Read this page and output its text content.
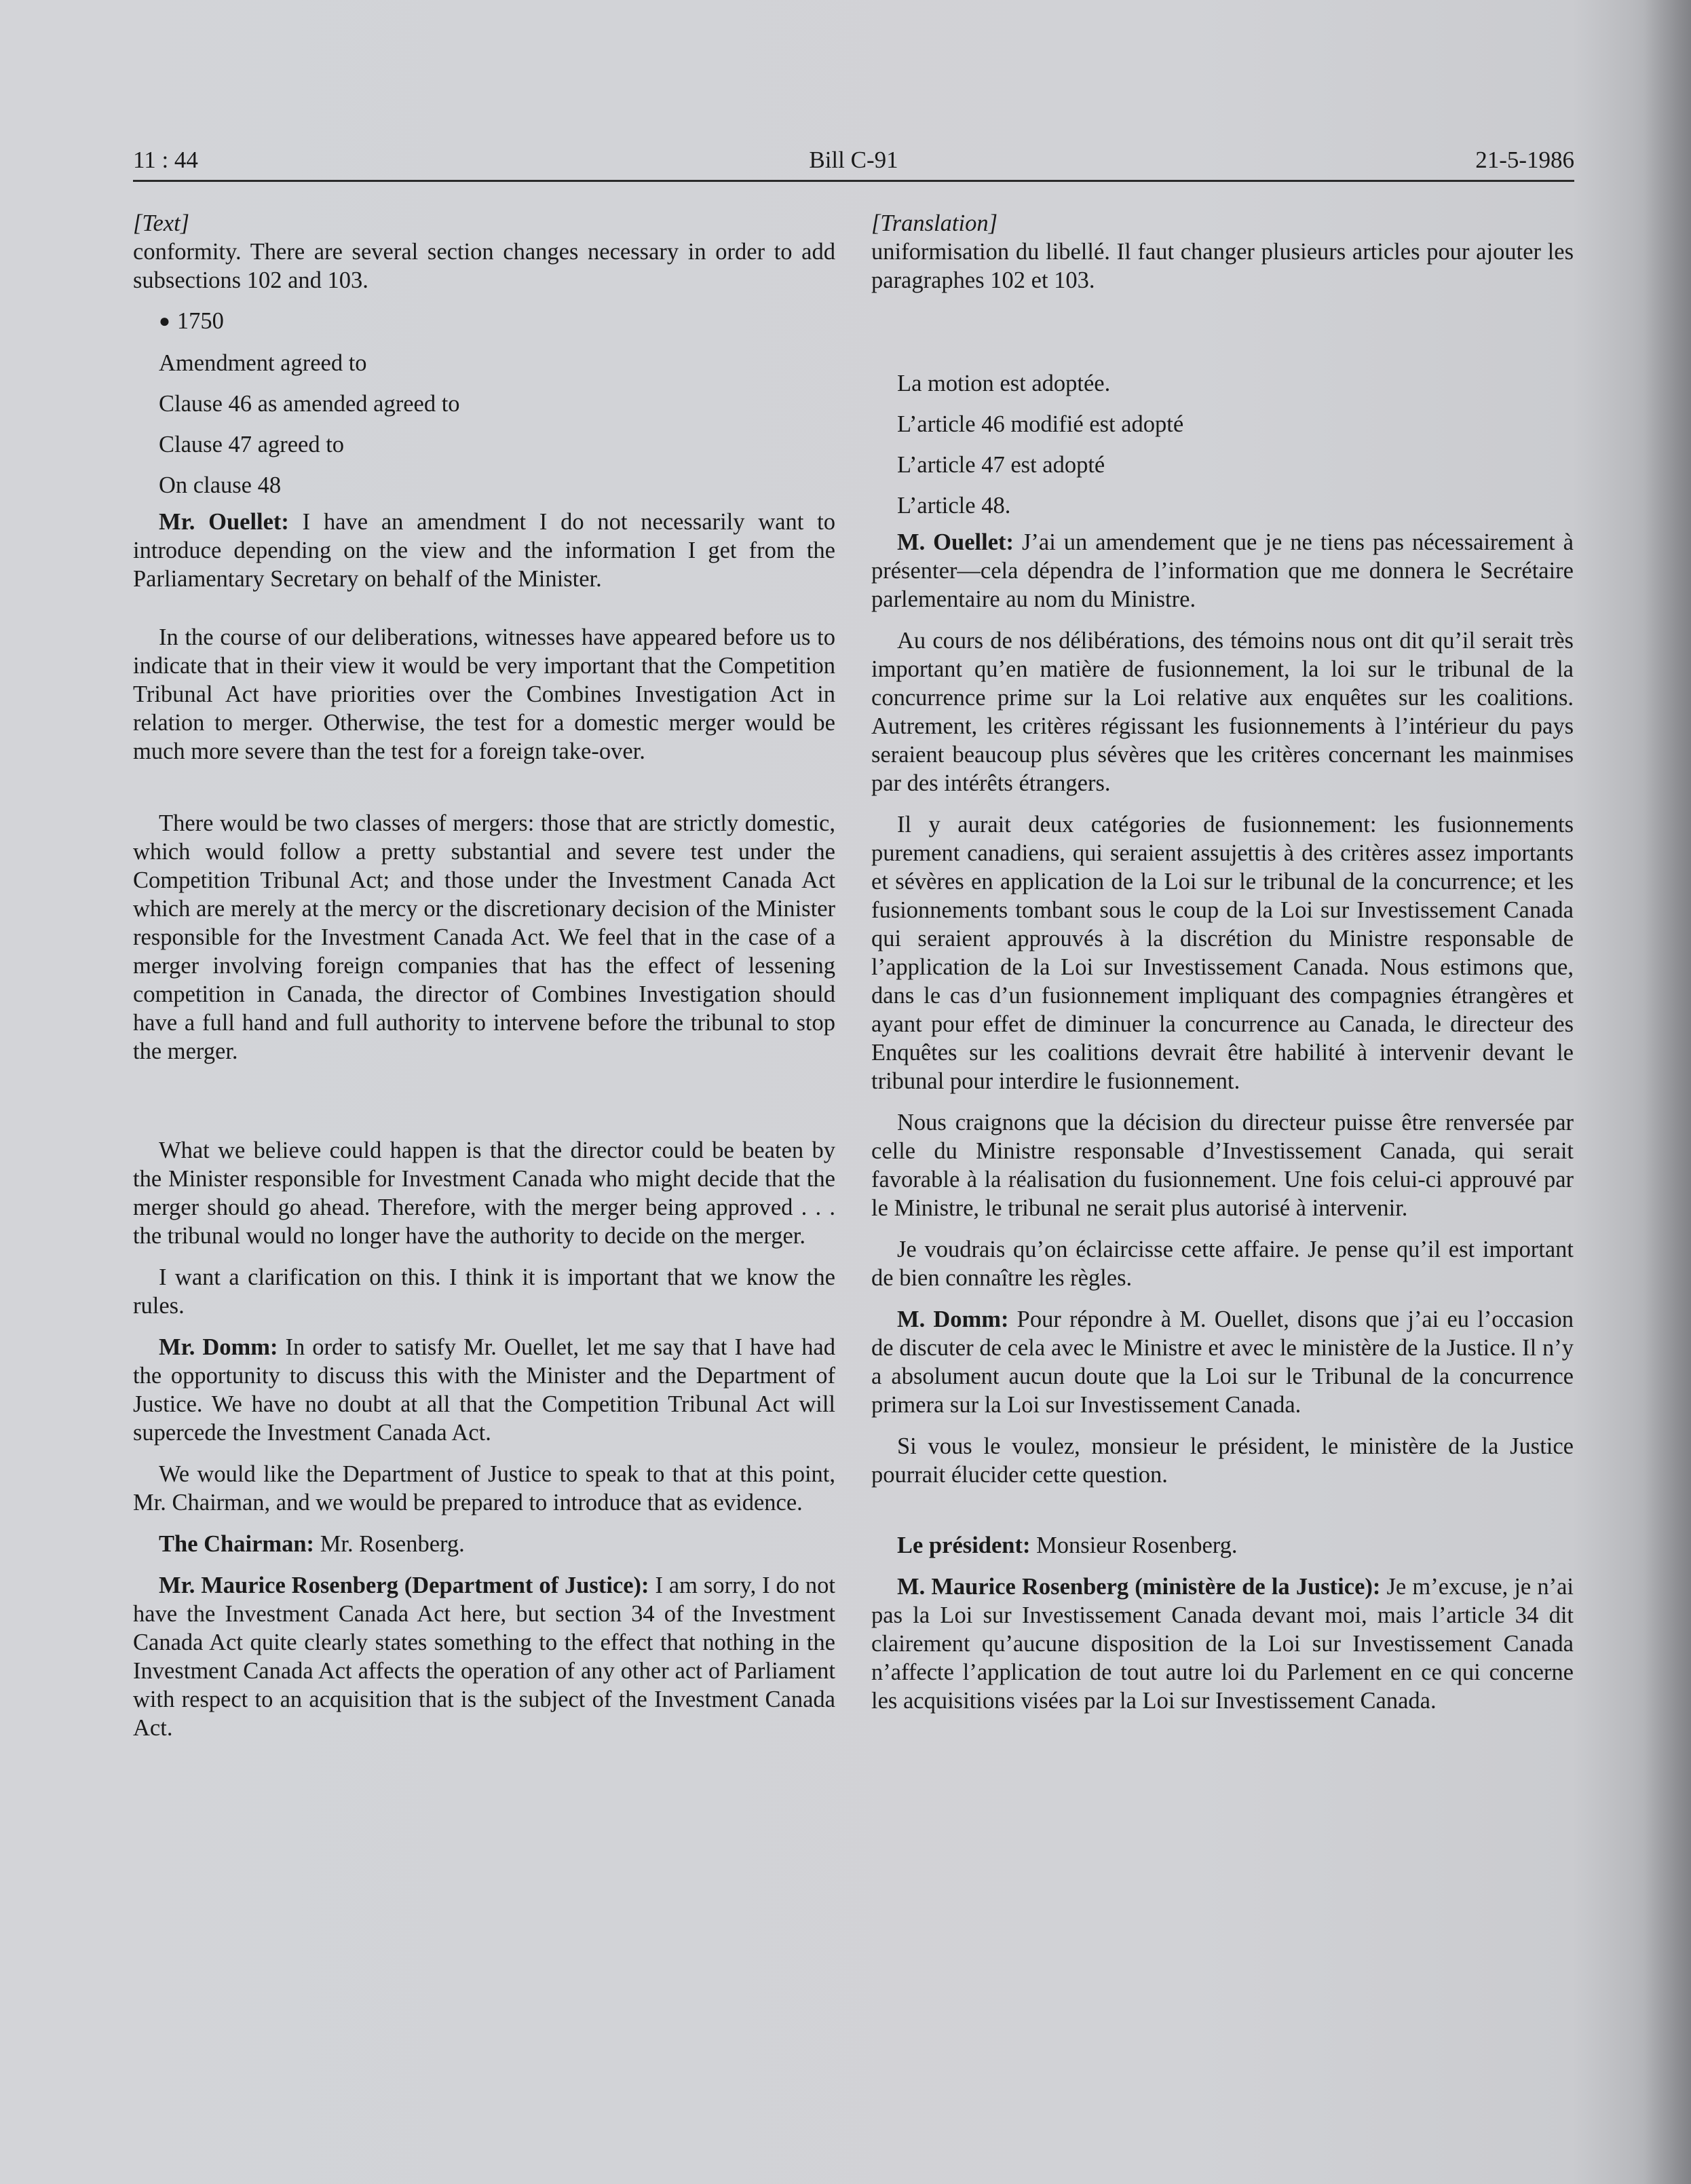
11 : 44	Bill C-91	21-5-1986

[Text]

conformity. There are several section changes necessary in order to add subsections 102 and 103.

● 1750

Amendment agreed to
Clause 46 as amended agreed to
Clause 47 agreed to
On clause 48

Mr. Ouellet: I have an amendment I do not necessarily want to introduce depending on the view and the information I get from the Parliamentary Secretary on behalf of the Minister.

In the course of our deliberations, witnesses have appeared before us to indicate that in their view it would be very important that the Competition Tribunal Act have priorities over the Combines Investigation Act in relation to merger. Otherwise, the test for a domestic merger would be much more severe than the test for a foreign take-over.

There would be two classes of mergers: those that are strictly domestic, which would follow a pretty substantial and severe test under the Competition Tribunal Act; and those under the Investment Canada Act which are merely at the mercy or the discretionary decision of the Minister responsible for the Investment Canada Act. We feel that in the case of a merger involving foreign companies that has the effect of lessening competition in Canada, the director of Combines Investigation should have a full hand and full authority to intervene before the tribunal to stop the merger.

What we believe could happen is that the director could be beaten by the Minister responsible for Investment Canada who might decide that the merger should go ahead. Therefore, with the merger being approved . . . the tribunal would no longer have the authority to decide on the merger.

I want a clarification on this. I think it is important that we know the rules.

Mr. Domm: In order to satisfy Mr. Ouellet, let me say that I have had the opportunity to discuss this with the Minister and the Department of Justice. We have no doubt at all that the Competition Tribunal Act will supercede the Investment Canada Act.

We would like the Department of Justice to speak to that at this point, Mr. Chairman, and we would be prepared to introduce that as evidence.

The Chairman: Mr. Rosenberg.

Mr. Maurice Rosenberg (Department of Justice): I am sorry, I do not have the Investment Canada Act here, but section 34 of the Investment Canada Act quite clearly states something to the effect that nothing in the Investment Canada Act affects the operation of any other act of Parliament with respect to an acquisition that is the subject of the Investment Canada Act.

[Translation]

uniformisation du libellé. Il faut changer plusieurs articles pour ajouter les paragraphes 102 et 103.

La motion est adoptée.
L’article 46 modifié est adopté
L’article 47 est adopté
L’article 48.

M. Ouellet: J’ai un amendement que je ne tiens pas nécessairement à présenter—cela dépendra de l’information que me donnera le Secrétaire parlementaire au nom du Ministre.

Au cours de nos délibérations, des témoins nous ont dit qu’il serait très important qu’en matière de fusionnement, la loi sur le tribunal de la concurrence prime sur la Loi relative aux enquêtes sur les coalitions. Autrement, les critères régissant les fusionnements à l’intérieur du pays seraient beaucoup plus sévères que les critères concernant les mainmises par des intérêts étrangers.

Il y aurait deux catégories de fusionnement: les fusionnements purement canadiens, qui seraient assujettis à des critères assez importants et sévères en application de la Loi sur le tribunal de la concurrence; et les fusionnements tombant sous le coup de la Loi sur Investissement Canada qui seraient approuvés à la discrétion du Ministre responsable de l’application de la Loi sur Investissement Canada. Nous estimons que, dans le cas d’un fusionnement impliquant des compagnies étrangères et ayant pour effet de diminuer la concurrence au Canada, le directeur des Enquêtes sur les coalitions devrait être habilité à intervenir devant le tribunal pour interdire le fusionnement.

Nous craignons que la décision du directeur puisse être renversée par celle du Ministre responsable d’Investissement Canada, qui serait favorable à la réalisation du fusionnement. Une fois celui-ci approuvé par le Ministre, le tribunal ne serait plus autorisé à intervenir.

Je voudrais qu’on éclaircisse cette affaire. Je pense qu’il est important de bien connaître les règles.

M. Domm: Pour répondre à M. Ouellet, disons que j’ai eu l’occasion de discuter de cela avec le Ministre et avec le ministère de la Justice. Il n’y a absolument aucun doute que la Loi sur le Tribunal de la concurrence primera sur la Loi sur Investissement Canada.

Si vous le voulez, monsieur le président, le ministère de la Justice pourrait élucider cette question.

Le président: Monsieur Rosenberg.

M. Maurice Rosenberg (ministère de la Justice): Je m’excuse, je n’ai pas la Loi sur Investissement Canada devant moi, mais l’article 34 dit clairement qu’aucune disposition de la Loi sur Investissement Canada n’affecte l’application de tout autre loi du Parlement en ce qui concerne les acquisitions visées par la Loi sur Investissement Canada.
